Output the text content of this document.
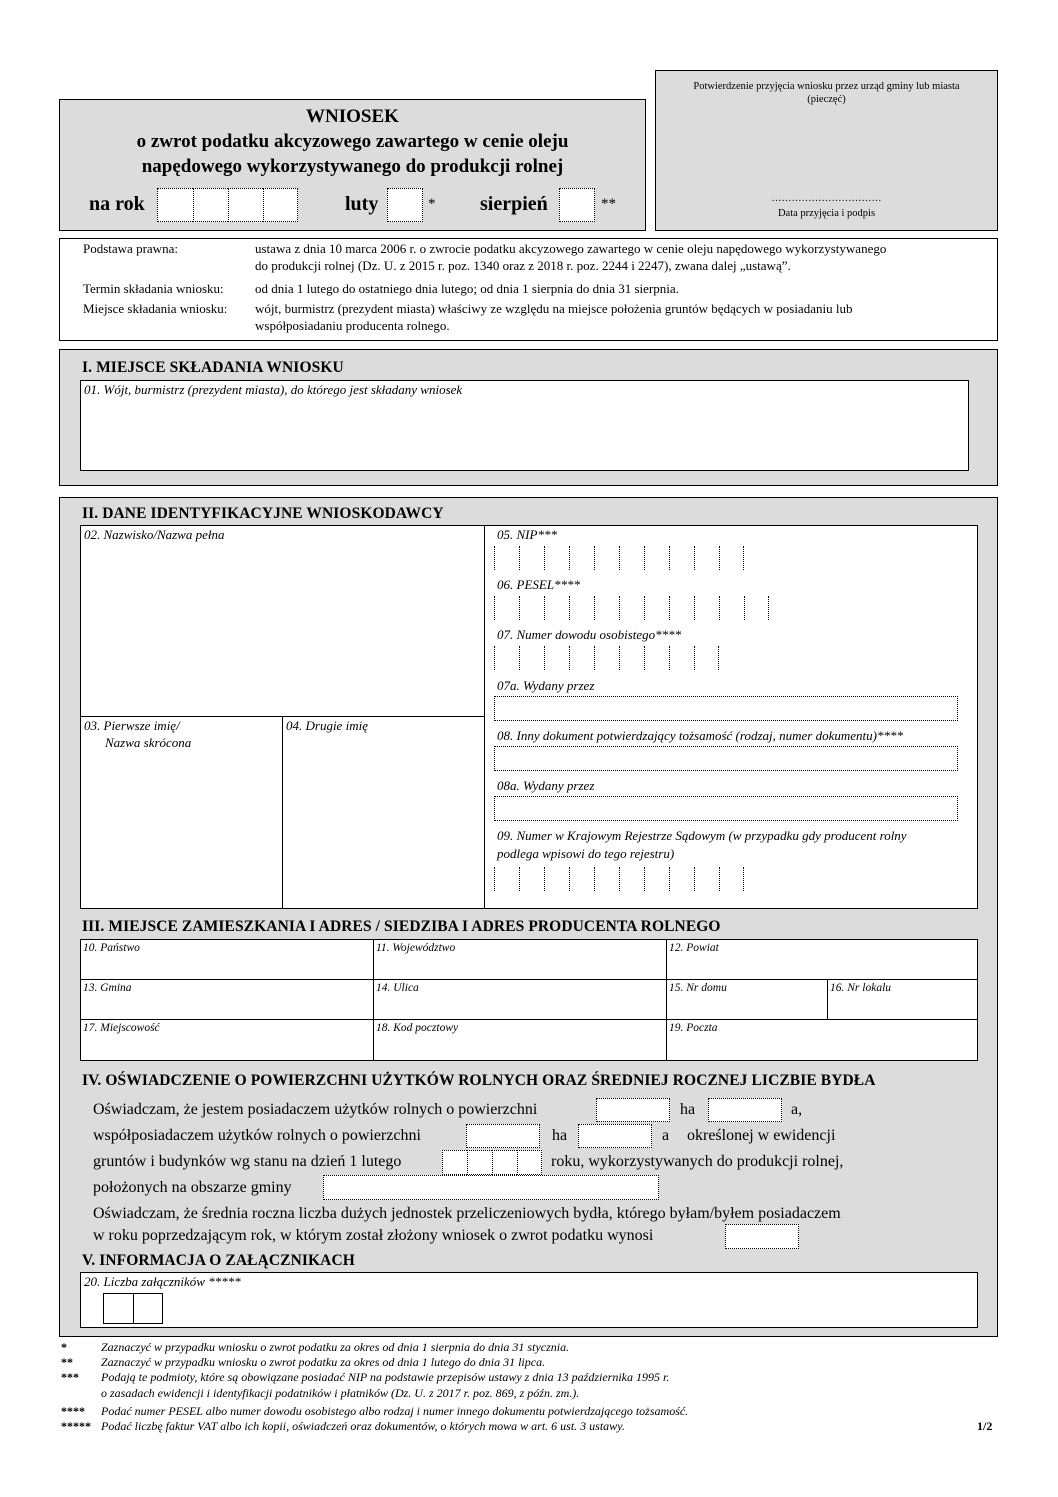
WNIOSEK
o zwrot podatku akcyzowego zawartego w cenie oleju
napędowego wykorzystywanego do produkcji rolnej
na rok	luty	* sierpień	**
Potwierdzenie przyjęcia wniosku przez urząd gminy lub miasta
(pieczęć)
……………………………
Data przyjęcia i podpis
Podstawa prawna:	ustawa z dnia 10 marca 2006 r. o zwrocie podatku akcyzowego zawartego w cenie oleju napędowego wykorzystywanego
do produkcji rolnej (Dz. U. z 2015 r. poz. 1340 oraz z 2018 r. poz. 2244 i 2247), zwana dalej „ustawą”.
Termin składania wniosku: od dnia 1 lutego do ostatniego dnia lutego; od dnia 1 sierpnia do dnia 31 sierpnia.
Miejsce składania wniosku: wójt, burmistrz (prezydent miasta) właściwy ze względu na miejsce położenia gruntów będących w posiadaniu lub
współposiadaniu producenta rolnego.
I. MIEJSCE SKŁADANIA WNIOSKU
01. Wójt, burmistrz (prezydent miasta), do którego jest składany wniosek
II. DANE IDENTYFIKACYJNE WNIOSKODAWCY
02. Nazwisko/Nazwa pełna
03. Pierwsze imię/
Nazwa skrócona
04. Drugie imię
05. NIP***
06. PESEL****
07. Numer dowodu osobistego****
07a. Wydany przez
08. Inny dokument potwierdzający tożsamość (rodzaj, numer dokumentu)****
08a. Wydany przez
09. Numer w Krajowym Rejestrze Sądowym (w przypadku gdy producent rolny
podlega wpisowi do tego rejestru)
III. MIEJSCE ZAMIESZKANIA I ADRES / SIEDZIBA I ADRES PRODUCENTA ROLNEGO
10. Państwo	11. Województwo	12. Powiat
13. Gmina	14. Ulica	15. Nr domu	16. Nr lokalu
17. Miejscowość	18. Kod pocztowy	19. Poczta
IV. OŚWIADCZENIE O POWIERZCHNI UŻYTKÓW ROLNYCH ORAZ ŚREDNIEJ ROCZNEJ LICZBIE BYDŁA
Oświadczam, że jestem posiadaczem użytków rolnych o powierzchni	ha	a,
współposiadaczem użytków rolnych o powierzchni	ha	a określonej w ewidencji
gruntów i budynków wg stanu na dzień 1 lutego	roku, wykorzystywanych do produkcji rolnej,
położonych na obszarze gminy
Oświadczam, że średnia roczna liczba dużych jednostek przeliczeniowych bydła, którego byłam/byłem posiadaczem
w roku poprzedzającym rok, w którym został złożony wniosek o zwrot podatku wynosi
V. INFORMACJA O ZAŁĄCZNIKACH
20. Liczba załączników *****
*	Zaznaczyć w przypadku wniosku o zwrot podatku za okres od dnia 1 sierpnia do dnia 31 stycznia.
** Zaznaczyć w przypadku wniosku o zwrot podatku za okres od dnia 1 lutego do dnia 31 lipca.
*** Podają te podmioty, które są obowiązane posiadać NIP na podstawie przepisów ustawy z dnia 13 października 1995 r.
o zasadach ewidencji i identyfikacji podatników i płatników (Dz. U. z 2017 r. poz. 869, z późn. zm.).
**** Podać numer PESEL albo numer dowodu osobistego albo rodzaj i numer innego dokumentu potwierdzającego tożsamość.
***** Podać liczbę faktur VAT albo ich kopii, oświadczeń oraz dokumentów, o których mowa w art. 6 ust. 3 ustawy.	1/2
